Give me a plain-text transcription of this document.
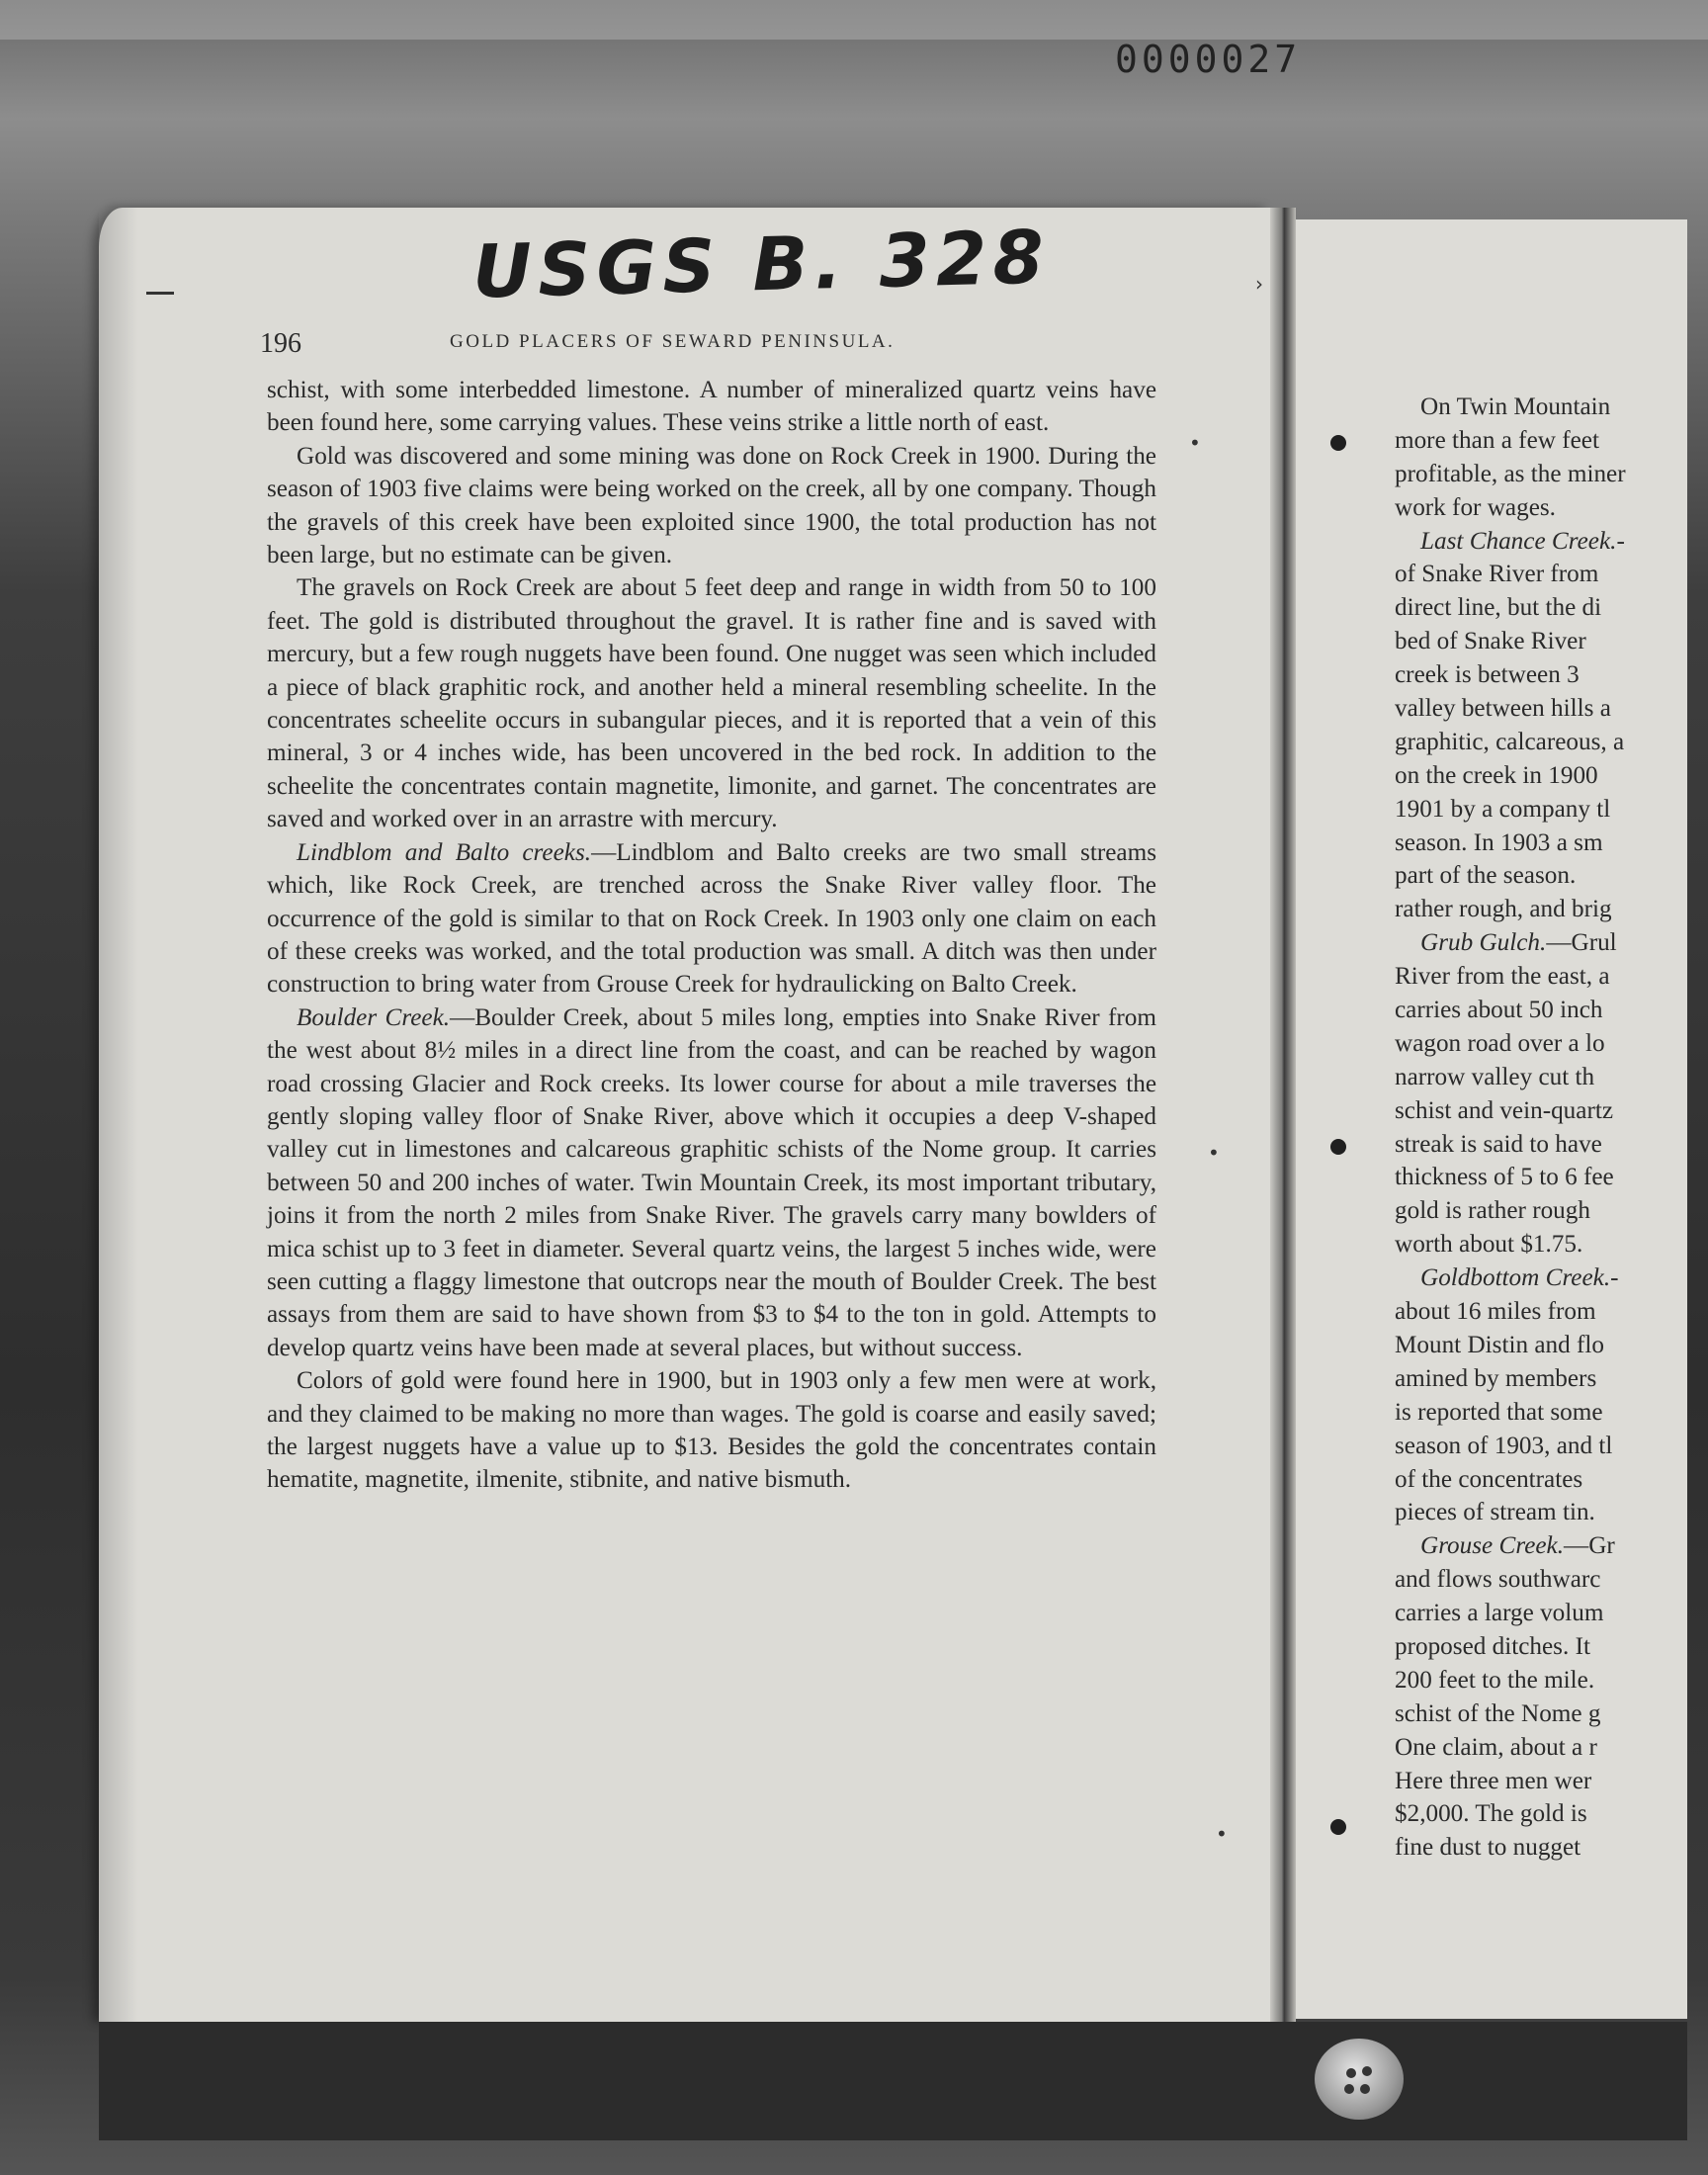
0000027
USGS B. 328
196	GOLD PLACERS OF SEWARD PENINSULA.
›

schist, with some interbedded limestone. A number of mineralized quartz veins have been found here, some carrying values. These veins strike a little north of east.

Gold was discovered and some mining was done on Rock Creek in 1900. During the season of 1903 five claims were being worked on the creek, all by one company. Though the gravels of this creek have been exploited since 1900, the total production has not been large, but no estimate can be given.

The gravels on Rock Creek are about 5 feet deep and range in width from 50 to 100 feet. The gold is distributed throughout the gravel. It is rather fine and is saved with mercury, but a few rough nuggets have been found. One nugget was seen which included a piece of black graphitic rock, and another held a mineral resembling scheelite. In the concentrates scheelite occurs in subangular pieces, and it is reported that a vein of this mineral, 3 or 4 inches wide, has been uncovered in the bed rock. In addition to the scheelite the concentrates contain magnetite, limonite, and garnet. The concentrates are saved and worked over in an arrastre with mercury.

Lindblom and Balto creeks.—Lindblom and Balto creeks are two small streams which, like Rock Creek, are trenched across the Snake River valley floor. The occurrence of the gold is similar to that on Rock Creek. In 1903 only one claim on each of these creeks was worked, and the total production was small. A ditch was then under construction to bring water from Grouse Creek for hydraulicking on Balto Creek.

Boulder Creek.—Boulder Creek, about 5 miles long, empties into Snake River from the west about 8½ miles in a direct line from the coast, and can be reached by wagon road crossing Glacier and Rock creeks. Its lower course for about a mile traverses the gently sloping valley floor of Snake River, above which it occupies a deep V-shaped valley cut in limestones and calcareous graphitic schists of the Nome group. It carries between 50 and 200 inches of water. Twin Mountain Creek, its most important tributary, joins it from the north 2 miles from Snake River. The gravels carry many bowlders of mica schist up to 3 feet in diameter. Several quartz veins, the largest 5 inches wide, were seen cutting a flaggy limestone that outcrops near the mouth of Boulder Creek. The best assays from them are said to have shown from $3 to $4 to the ton in gold. Attempts to develop quartz veins have been made at several places, but without success.

Colors of gold were found here in 1900, but in 1903 only a few men were at work, and they claimed to be making no more than wages. The gold is coarse and easily saved; the largest nuggets have a value up to $13. Besides the gold the concentrates contain hematite, magnetite, ilmenite, stibnite, and native bismuth.

On Twin Mountain
more than a few feet
profitable, as the miner
work for wages.
Last Chance Creek.-
of Snake River from
direct line, but the di
bed of Snake River
creek is between 3
valley between hills a
graphitic, calcareous, a
on the creek in 1900
1901 by a company tl
season. In 1903 a sm
part of the season.
rather rough, and brig
Grub Gulch.—Grul
River from the east, a
carries about 50 inch
wagon road over a lo
narrow valley cut th
schist and vein-quartz
streak is said to have
thickness of 5 to 6 fee
gold is rather rough
worth about $1.75.
Goldbottom Creek.-
about 16 miles from
Mount Distin and flo
amined by members
is reported that some
season of 1903, and tl
of the concentrates
pieces of stream tin.
Grouse Creek.—Gr
and flows southwarc
carries a large volum
proposed ditches. It
200 feet to the mile.
schist of the Nome g
One claim, about a r
Here three men wer
$2,000. The gold is
fine dust to nugget
•
•
•
